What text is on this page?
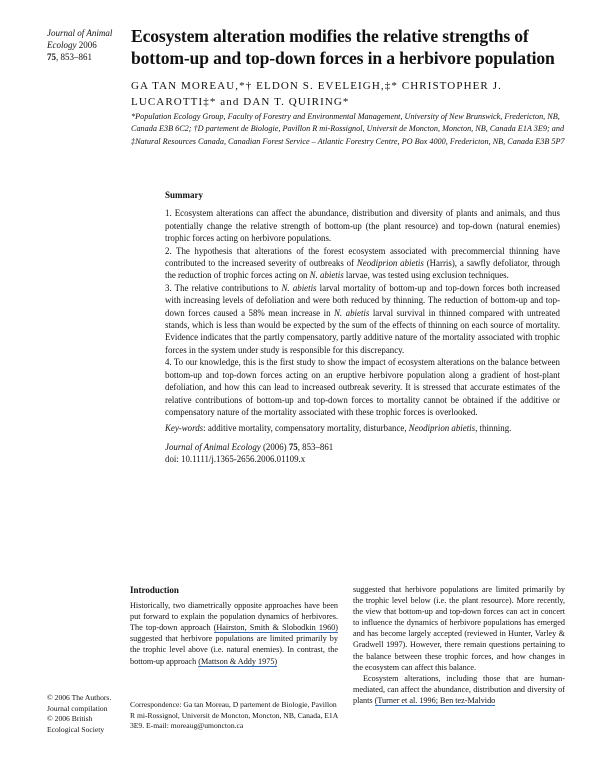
Journal of Animal Ecology 2006
75, 853–861
Ecosystem alteration modifies the relative strengths of bottom-up and top-down forces in a herbivore population
GA TAN MOREAU,*† ELDON S. EVELEIGH,‡* CHRISTOPHER J.
LUCAROTTI‡* and DAN T. QUIRING*
*Population Ecology Group, Faculty of Forestry and Environmental Management, University of New Brunswick, Fredericton, NB, Canada E3B 6C2; †D partement de Biologie, Pavillon R mi-Rossignol, Universit de Moncton, Moncton, NB, Canada E1A 3E9; and ‡Natural Resources Canada, Canadian Forest Service – Atlantic Forestry Centre, PO Box 4000, Fredericton, NB, Canada E3B 5P7
Summary

1. Ecosystem alterations can affect the abundance, distribution and diversity of plants and animals, and thus potentially change the relative strength of bottom-up (the plant resource) and top-down (natural enemies) trophic forces acting on herbivore populations.

2. The hypothesis that alterations of the forest ecosystem associated with precommercial thinning have contributed to the increased severity of outbreaks of Neodiprion abietis (Harris), a sawfly defoliator, through the reduction of trophic forces acting on N. abietis larvae, was tested using exclusion techniques.

3. The relative contributions to N. abietis larval mortality of bottom-up and top-down forces both increased with increasing levels of defoliation and were both reduced by thinning. The reduction of bottom-up and top-down forces caused a 58% mean increase in N. abietis larval survival in thinned compared with untreated stands, which is less than would be expected by the sum of the effects of thinning on each source of mortality. Evidence indicates that the partly compensatory, partly additive nature of the mortality associated with trophic forces in the system under study is responsible for this discrepancy.

4. To our knowledge, this is the first study to show the impact of ecosystem alterations on the balance between bottom-up and top-down forces acting on an eruptive herbivore population along a gradient of host-plant defoliation, and how this can lead to increased outbreak severity. It is stressed that accurate estimates of the relative contributions of bottom-up and top-down forces to mortality cannot be obtained if the additive or compensatory nature of the mortality associated with these trophic forces is overlooked.

Key-words: additive mortality, compensatory mortality, disturbance, Neodiprion abietis, thinning.

Journal of Animal Ecology (2006) 75, 853–861

doi: 10.1111/j.1365-2656.2006.01109.x

Introduction

Historically, two diametrically opposite approaches have been put forward to explain the population dynamics of herbivores. The top-down approach (Hairston, Smith & Slobodkin 1960) suggested that herbivore populations are limited primarily by the trophic level above (i.e. natural enemies). In contrast, the bottom-up approach (Mattson & Addy 1975)

suggested that herbivore populations are limited primarily by the trophic level below (i.e. the plant resource). More recently, the view that bottom-up and top-down forces can act in concert to influence the dynamics of herbivore populations has emerged and has become largely accepted (reviewed in Hunter, Varley & Gradwell 1997). However, there remain questions pertaining to the balance between these trophic forces, and how changes in the ecosystem can affect this balance.

Ecosystem alterations, including those that are human-mediated, can affect the abundance, distribution and diversity of plants (Turner et al. 1996; Ben tez-Malvido

Correspondence: Ga tan Moreau, D partement de Biologie, Pavillon R mi-Rossignol, Universit de Moncton, Moncton, NB, Canada, E1A 3E9. E-mail: moreaug@umoncton.ca
© 2006 The Authors.
Journal compilation
© 2006 British
Ecological Society
